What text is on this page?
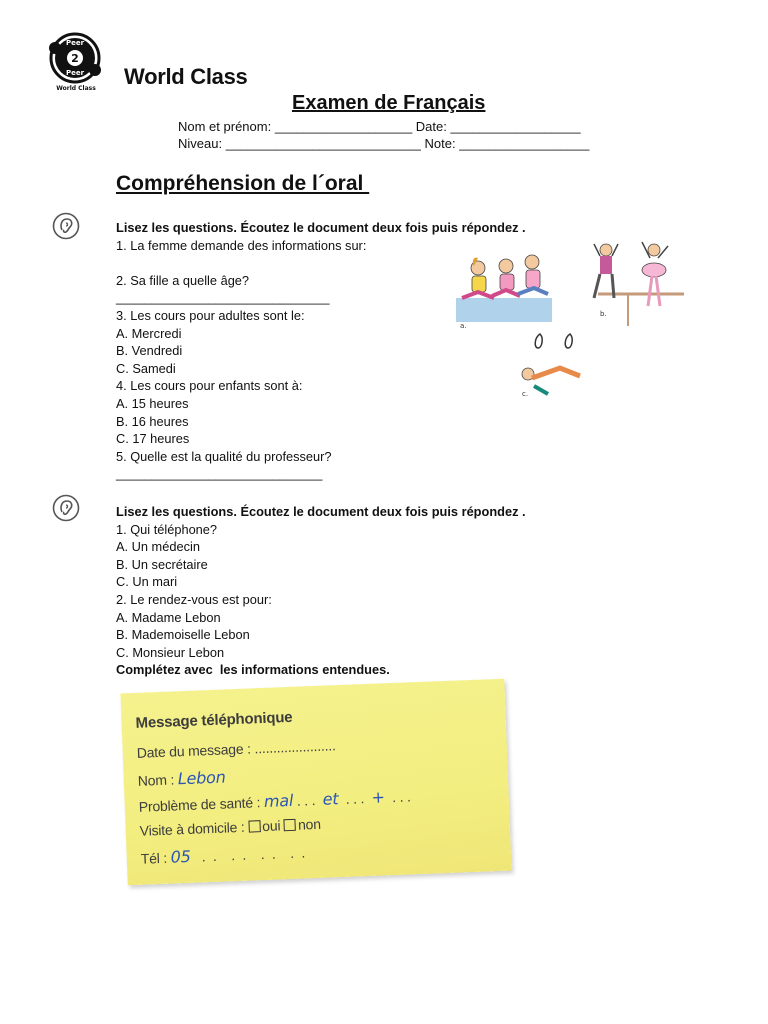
Peer
2
Peer
World Class World Class
Examen de Français
Nom et prénom: ___________________ Date: __________________
Niveau: ___________________________ Note: __________________
Compréhension de l´oral
Lisez les questions. Écoutez le document deux fois puis répondez .
1. La femme demande des informations sur:
2. Sa fille a quelle âge?
______________________________
3. Les cours pour adultes sont le:
A. Mercredi
B. Vendredi
C. Samedi
4. Les cours pour enfants sont à:
A. 15 heures
B. 16 heures
C. 17 heures
5. Quelle est la qualité du professeur?
_____________________________
Lisez les questions. Écoutez le document deux fois puis répondez .
1. Qui téléphone?
A. Un médecin
B. Un secrétaire
C. Un mari
2. Le rendez-vous est pour:
A. Madame Lebon
B. Mademoiselle Lebon
C. Monsieur Lebon
Complétez avec  les informations entendues.
a.
b.
c.
Message téléphonique
Date du message : ......................
Nom : Lebon
Problème de santé : mal . . .  et  . . .  +  . . .
Visite à domicile : oui non
Tél : 05   .  .    .  .    .  .    .  .
